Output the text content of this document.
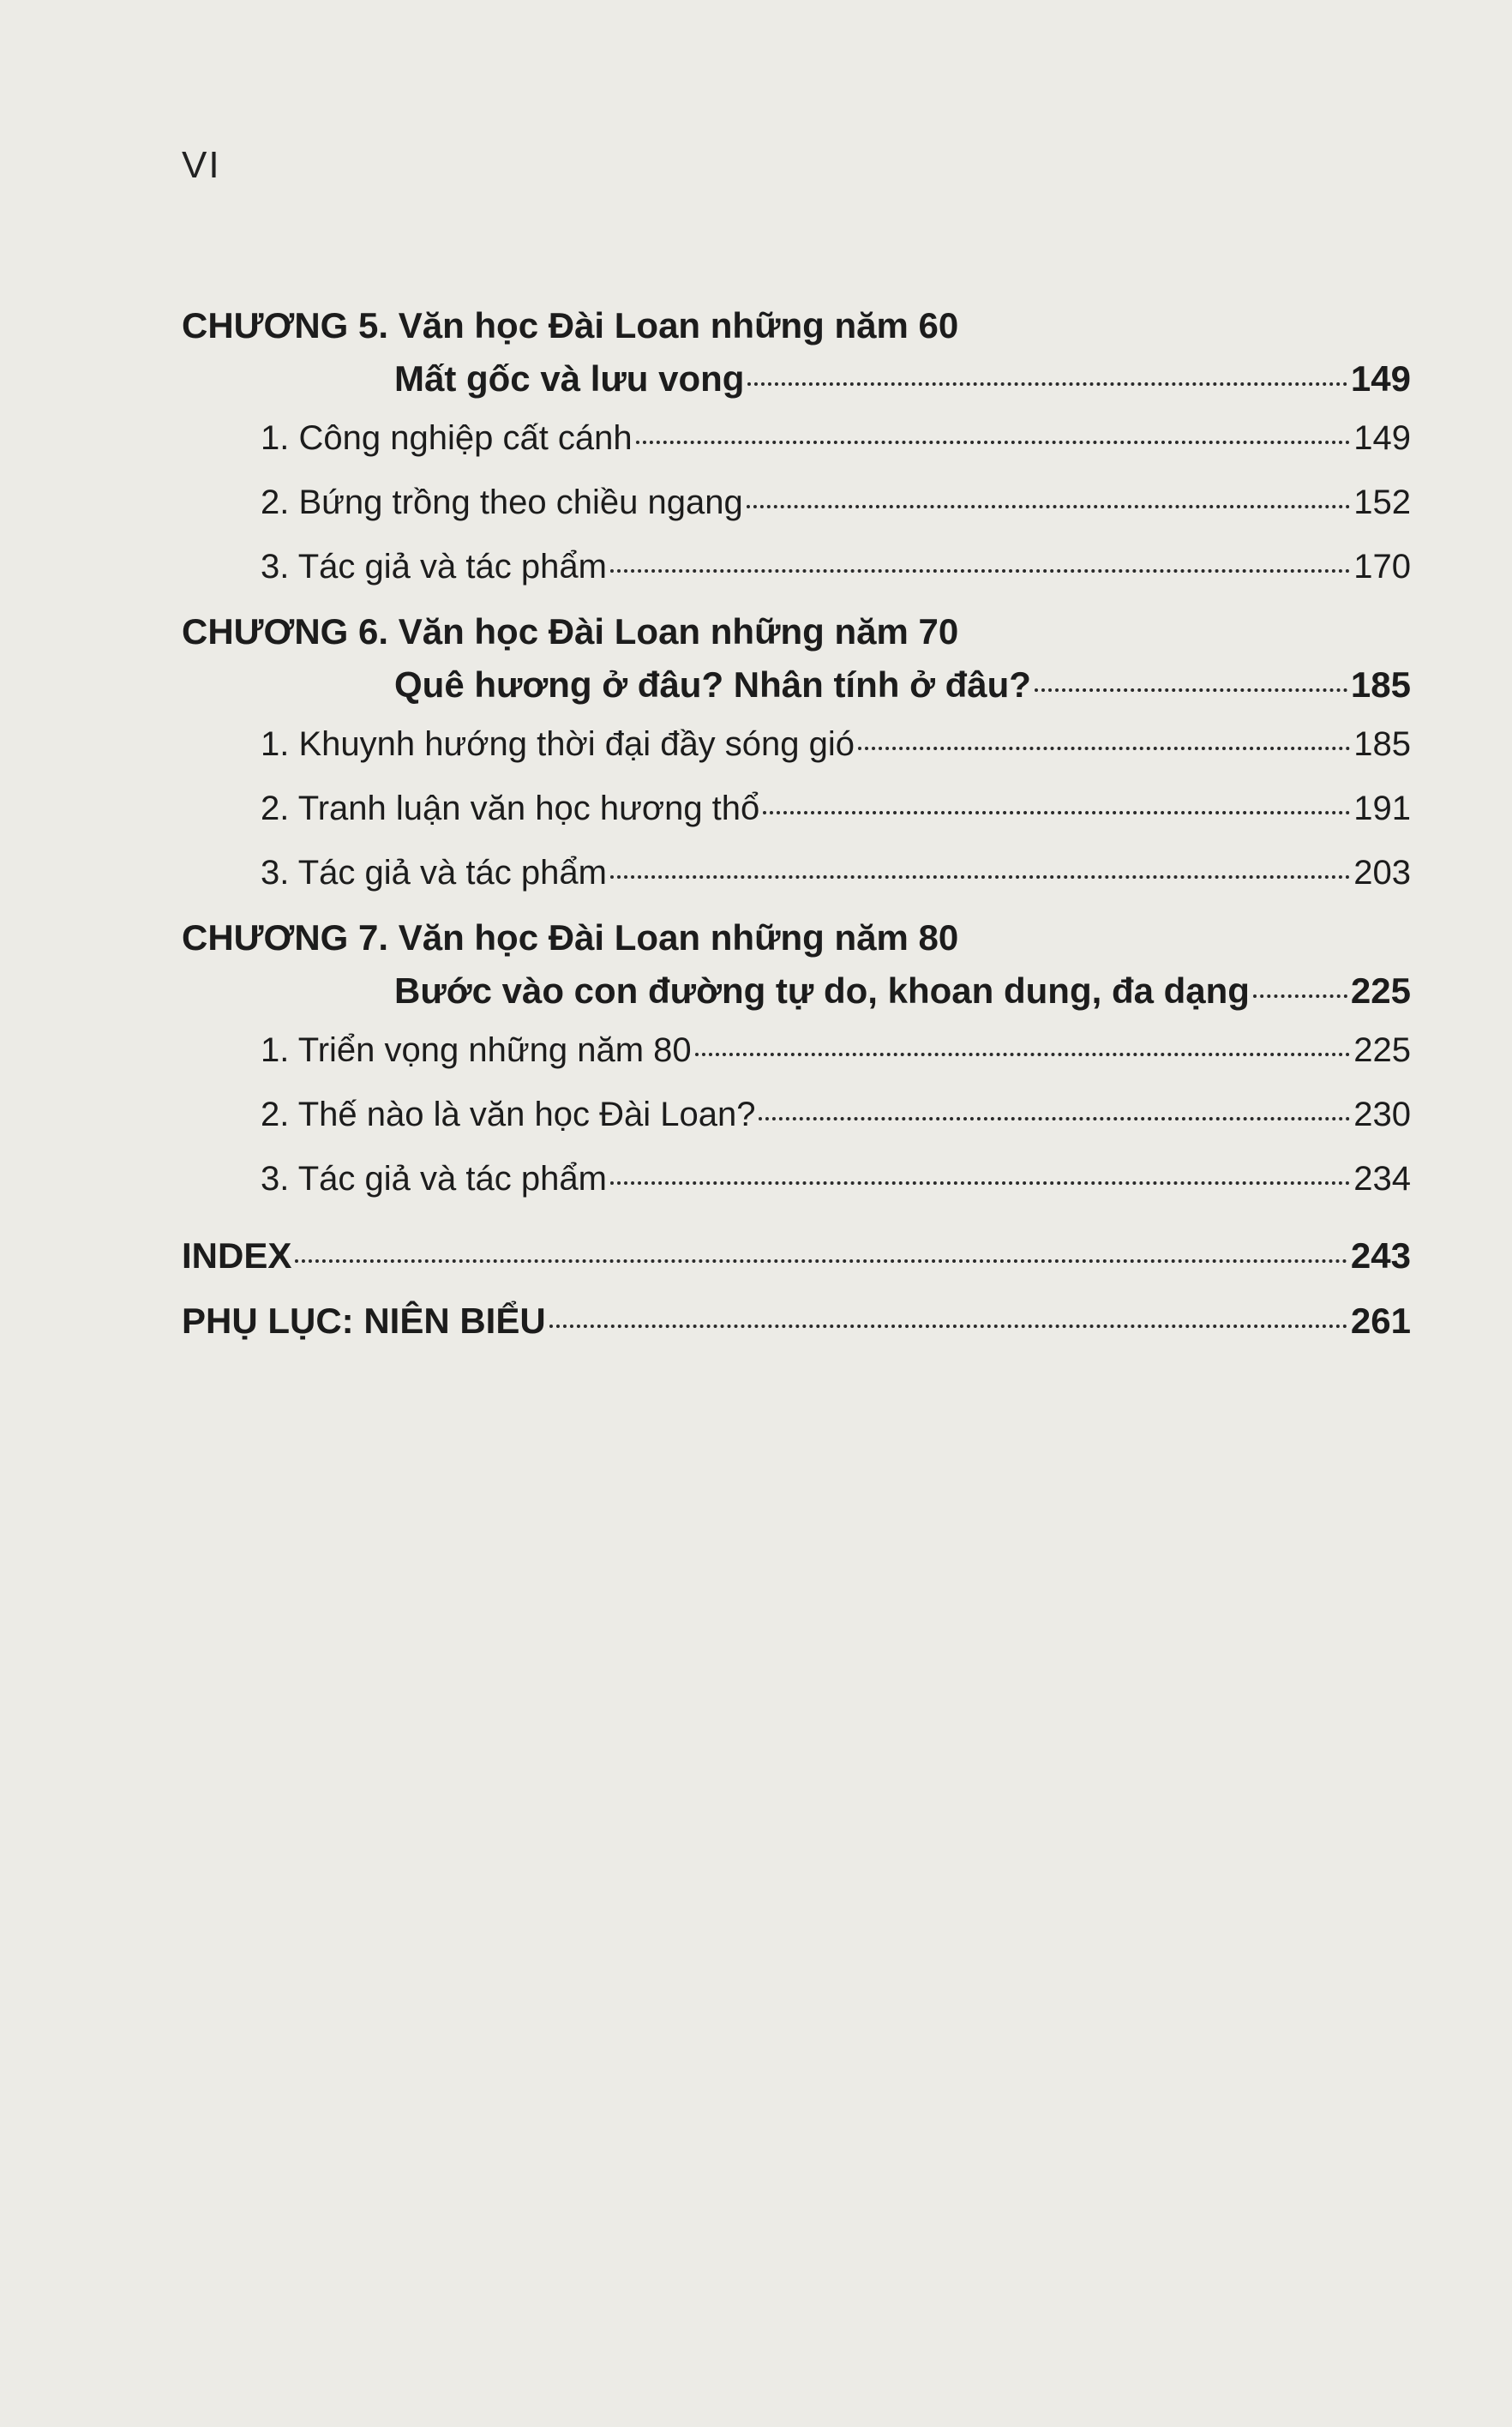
VI
CHƯƠNG 5. Văn học Đài Loan những năm 60
Mất gốc và lưu vong	149
1. Công nghiệp cất cánh	149
2. Bứng trồng theo chiều ngang	152
3. Tác giả và tác phẩm	170
CHƯƠNG 6. Văn học Đài Loan những năm 70
Quê hương ở đâu? Nhân tính ở đâu?	185
1. Khuynh hướng thời đại đầy sóng gió	185
2. Tranh luận văn học hương thổ	191
3. Tác giả và tác phẩm	203
CHƯƠNG 7. Văn học Đài Loan những năm 80
Bước vào con đường tự do, khoan dung, đa dạng	225
1. Triển vọng những năm 80	225
2. Thế nào là văn học Đài Loan?	230
3. Tác giả và tác phẩm	234
INDEX	243
PHỤ LỤC: NIÊN BIỂU	261
